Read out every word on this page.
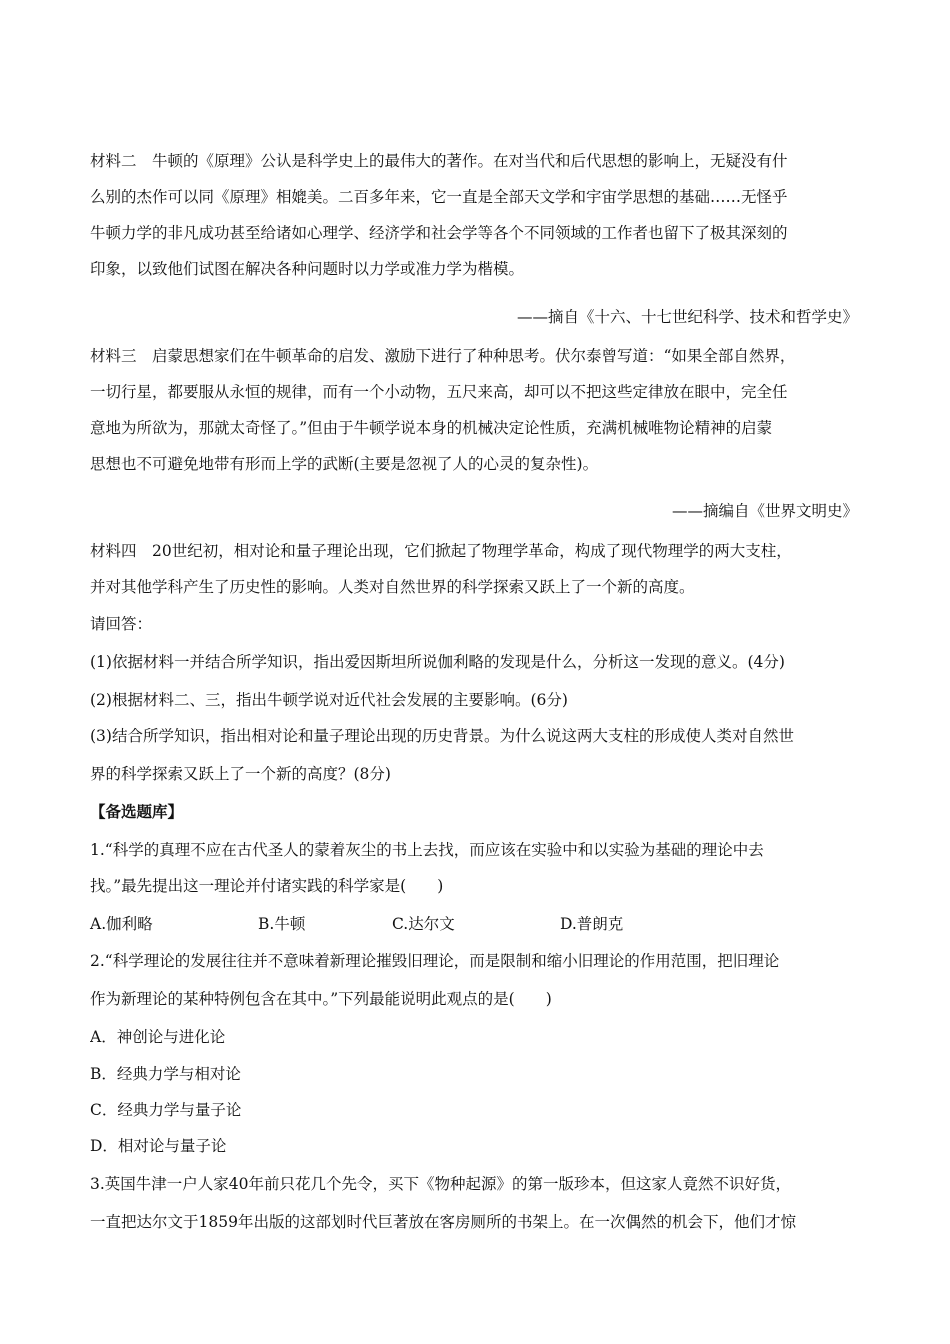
材料二　牛顿的《原理》公认是科学史上的最伟大的著作。在对当代和后代思想的影响上，无疑没有什
么别的杰作可以同《原理》相媲美。二百多年来，它一直是全部天文学和宇宙学思想的基础……无怪乎
牛顿力学的非凡成功甚至给诸如心理学、经济学和社会学等各个不同领域的工作者也留下了极其深刻的
印象，以致他们试图在解决各种问题时以力学或准力学为楷模。
——摘自《十六、十七世纪科学、技术和哲学史》
材料三　启蒙思想家们在牛顿革命的启发、激励下进行了种种思考。伏尔泰曾写道：“如果全部自然界，
一切行星，都要服从永恒的规律，而有一个小动物，五尺来高，却可以不把这些定律放在眼中，完全任
意地为所欲为，那就太奇怪了。”但由于牛顿学说本身的机械决定论性质，充满机械唯物论精神的启蒙
思想也不可避免地带有形而上学的武断(主要是忽视了人的心灵的复杂性)。
——摘编自《世界文明史》
材料四　20世纪初，相对论和量子理论出现，它们掀起了物理学革命，构成了现代物理学的两大支柱，
并对其他学科产生了历史性的影响。人类对自然世界的科学探索又跃上了一个新的高度。
请回答：
(1)依据材料一并结合所学知识，指出爱因斯坦所说伽利略的发现是什么，分析这一发现的意义。(4分)
(2)根据材料二、三，指出牛顿学说对近代社会发展的主要影响。(6分)
(3)结合所学知识，指出相对论和量子理论出现的历史背景。为什么说这两大支柱的形成使人类对自然世
界的科学探索又跃上了一个新的高度？(8分)
【备选题库】
1.“科学的真理不应在古代圣人的蒙着灰尘的书上去找，而应该在实验中和以实验为基础的理论中去
找。”最先提出这一理论并付诸实践的科学家是(　　)
A.伽利略	B.牛顿	C.达尔文	D.普朗克
2.“科学理论的发展往往并不意味着新理论摧毁旧理论，而是限制和缩小旧理论的作用范围，把旧理论
作为新理论的某种特例包含在其中。”下列最能说明此观点的是(　　)
A．神创论与进化论
B．经典力学与相对论
C．经典力学与量子论
D．相对论与量子论
3.英国牛津一户人家40年前只花几个先令，买下《物种起源》的第一版珍本，但这家人竟然不识好货，
一直把达尔文于1859年出版的这部划时代巨著放在客房厕所的书架上。在一次偶然的机会下，他们才惊
